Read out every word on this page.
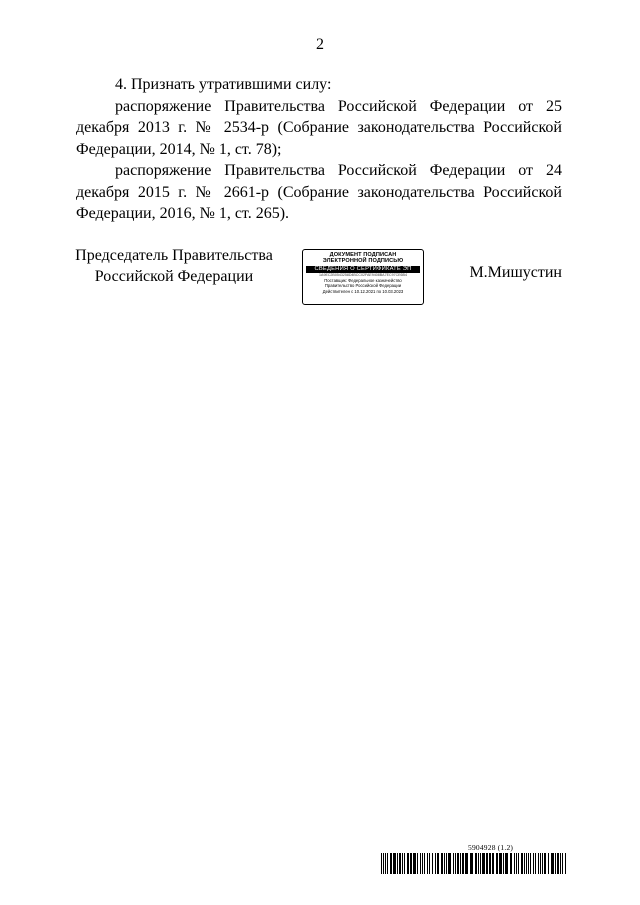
2

4. Признать утратившими силу:

распоряжение Правительства Российской Федерации от 25 декабря 2013 г. № 2534-р (Собрание законодательства Российской Федерации, 2014, № 1, ст. 78);

распоряжение Правительства Российской Федерации от 24 декабря 2015 г. № 2661-р (Собрание законодательства Российской Федерации, 2016, № 1, ст. 265).

Председатель Правительства
Российской Федерации
ДОКУМЕНТ ПОДПИСАН
ЭЛЕКТРОННОЙ ПОДПИСЬЮ
СВЕДЕНИЯ О СЕРТИФИКАТЕ ЭП
1A9EC2B0543258D4BCC02FAE9408BA7EC97CE6B4
Поставщик: Федеральное казначейство
Правительство Российской Федерации
Действителен с 10.12.2021 по 10.03.2023
М.Мишустин
5904928 (1.2)
